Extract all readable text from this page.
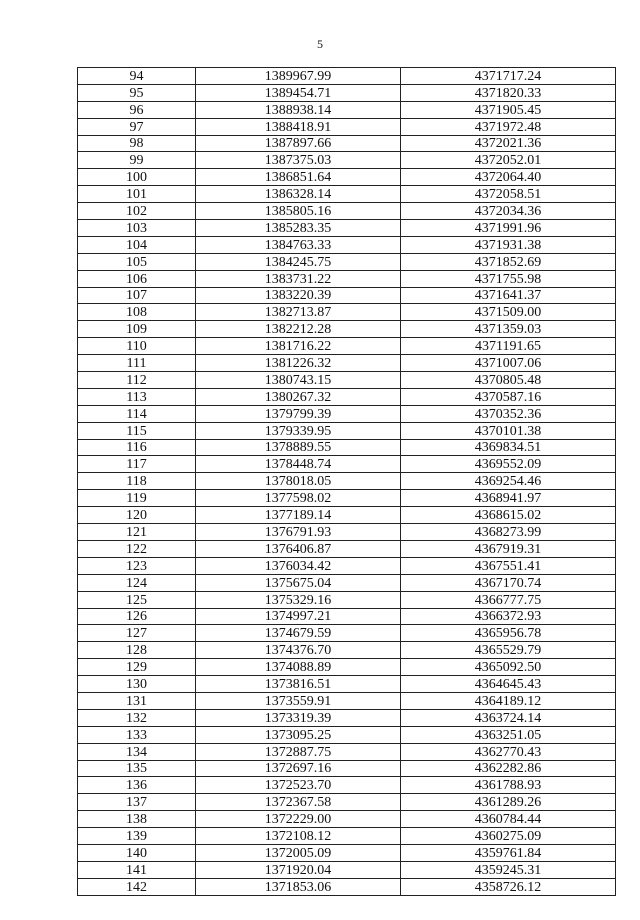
5
94	1389967.99	4371717.24
95	1389454.71	4371820.33
96	1388938.14	4371905.45
97	1388418.91	4371972.48
98	1387897.66	4372021.36
99	1387375.03	4372052.01
100	1386851.64	4372064.40
101	1386328.14	4372058.51
102	1385805.16	4372034.36
103	1385283.35	4371991.96
104	1384763.33	4371931.38
105	1384245.75	4371852.69
106	1383731.22	4371755.98
107	1383220.39	4371641.37
108	1382713.87	4371509.00
109	1382212.28	4371359.03
110	1381716.22	4371191.65
111	1381226.32	4371007.06
112	1380743.15	4370805.48
113	1380267.32	4370587.16
114	1379799.39	4370352.36
115	1379339.95	4370101.38
116	1378889.55	4369834.51
117	1378448.74	4369552.09
118	1378018.05	4369254.46
119	1377598.02	4368941.97
120	1377189.14	4368615.02
121	1376791.93	4368273.99
122	1376406.87	4367919.31
123	1376034.42	4367551.41
124	1375675.04	4367170.74
125	1375329.16	4366777.75
126	1374997.21	4366372.93
127	1374679.59	4365956.78
128	1374376.70	4365529.79
129	1374088.89	4365092.50
130	1373816.51	4364645.43
131	1373559.91	4364189.12
132	1373319.39	4363724.14
133	1373095.25	4363251.05
134	1372887.75	4362770.43
135	1372697.16	4362282.86
136	1372523.70	4361788.93
137	1372367.58	4361289.26
138	1372229.00	4360784.44
139	1372108.12	4360275.09
140	1372005.09	4359761.84
141	1371920.04	4359245.31
142	1371853.06	4358726.12
